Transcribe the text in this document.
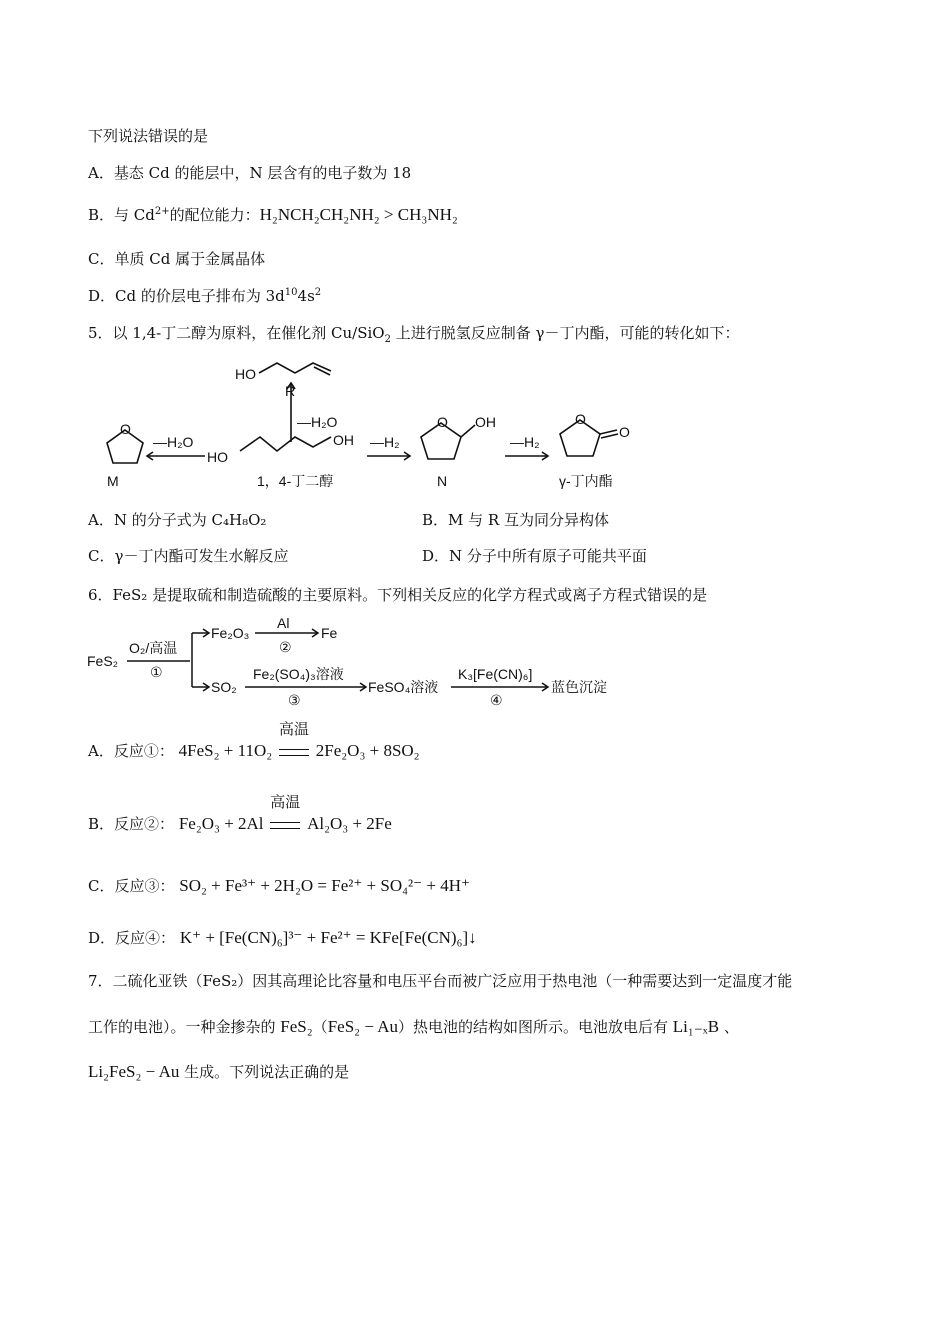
下列说法错误的是
A．基态 Cd 的能层中，N 层含有的电子数为 18
B．与 $Cd^{2+}$的配位能力：H₂NCH₂CH₂NH₂ > CH₃NH₂
C．单质 Cd 属于金属晶体
D．Cd 的价层电子排布为 $3d^{10}4s^2$
5．以 1,4-丁二醇为原料，在催化剂 Cu/SiO$_2$ 上进行脱氢反应制备 γ－丁内酯，可能的转化如下：
O
M
—H₂O
HO
OH
HO
R
—H₂O
1，4-丁二醇
—H₂
O OH
N
—H₂
O
O
γ-丁内酯
A．N 的分子式为 C₄H₈O₂	B．M 与 R 互为同分异构体
C．γ－丁内酯可发生水解反应	D．N 分子中所有原子可能共平面
6．FeS₂ 是提取硫和制造硫酸的主要原料。下列相关反应的化学方程式或离子方程式错误的是
FeS₂
O₂/高温
①
Fe₂O₃
Al
②
Fe
SO₂
Fe₂(SO₄)₃溶液
③
FeSO₄溶液
K₃[Fe(CN)₆]
④
蓝色沉淀
A．反应①： 4FeS₂ + 11O₂
高温
2Fe₂O₃ + 8SO₂
B．反应②： Fe₂O₃ + 2Al
高温
Al₂O₃ + 2Fe
C．反应③： SO₂ + Fe³⁺ + 2H₂O = Fe²⁺ + SO₄²⁻ + 4H⁺
D．反应④： K⁺ + [Fe(CN)₆]³⁻ + Fe²⁺ = KFe[Fe(CN)₆]↓
7．二硫化亚铁（FeS₂）因其高理论比容量和电压平台而被广泛应用于热电池（一种需要达到一定温度才能
工作的电池）。一种金掺杂的 FeS₂（FeS₂ − Au）热电池的结构如图所示。电池放电后有 Li₁₋ₓB 、
Li₂FeS₂ − Au 生成。下列说法正确的是
